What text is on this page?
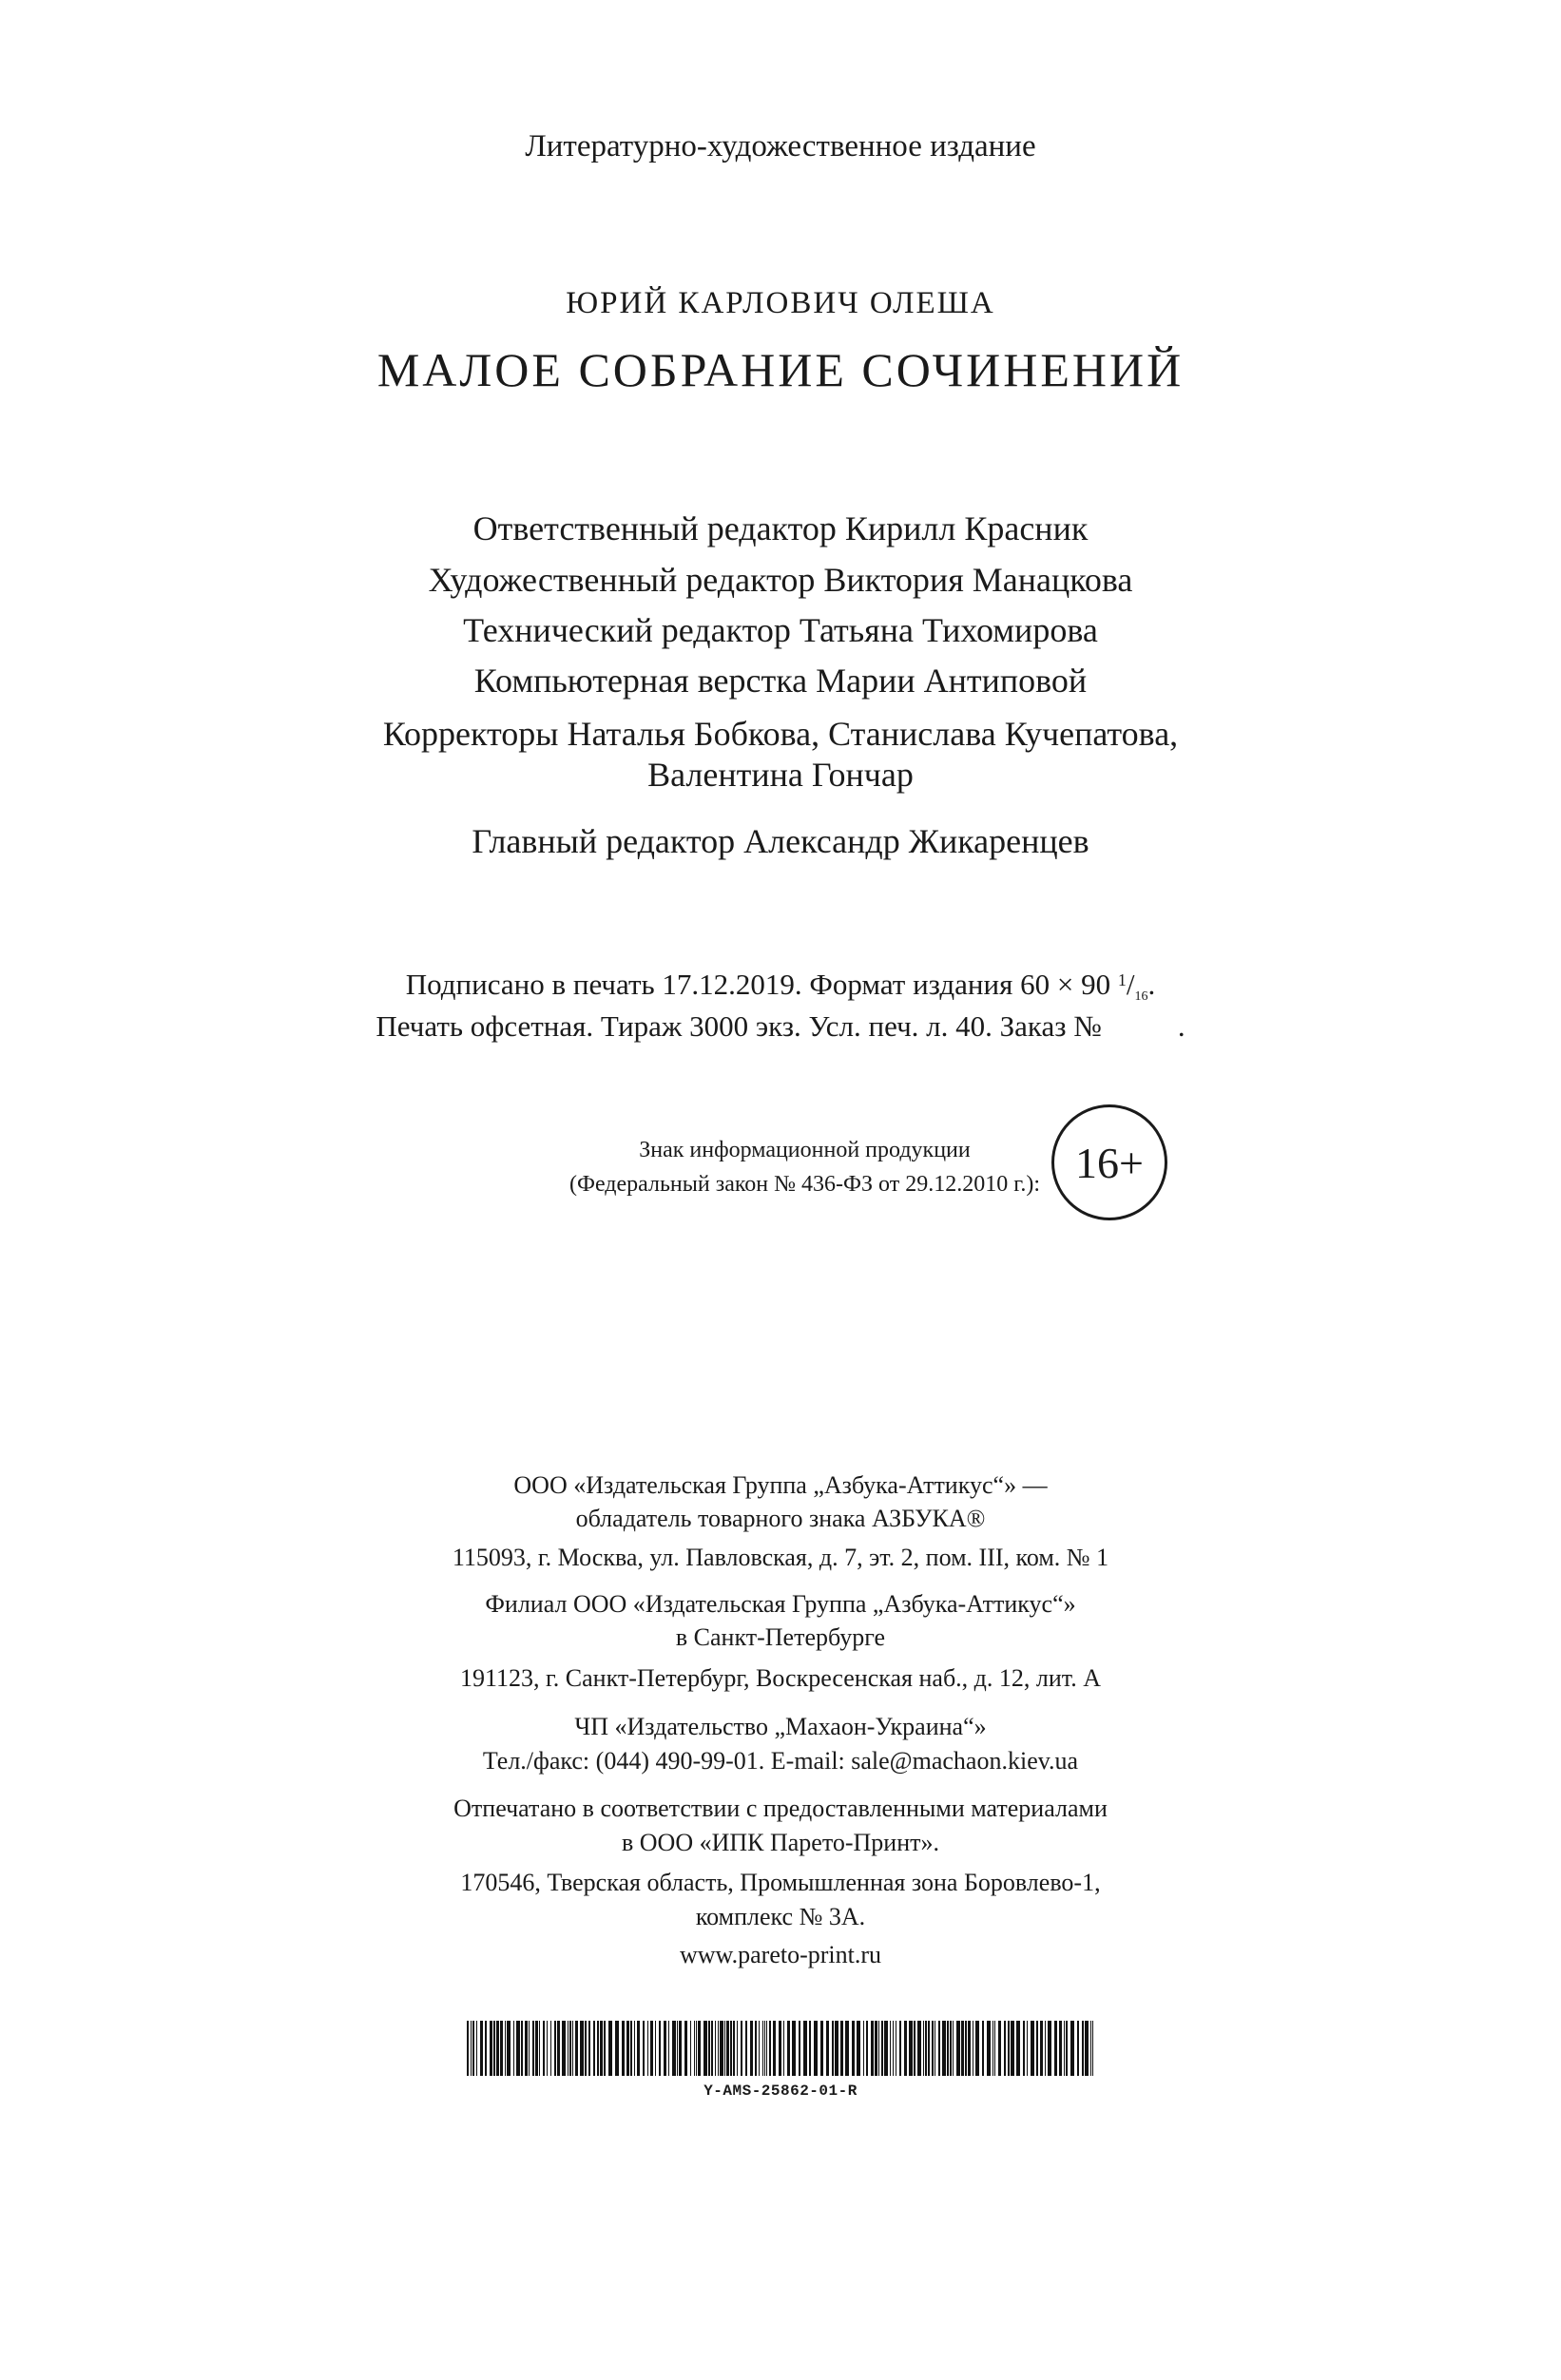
Литературно-художественное издание
ЮРИЙ КАРЛОВИЧ ОЛЕША
МАЛОЕ СОБРАНИЕ СОЧИНЕНИЙ
Ответственный редактор Кирилл Красник
Художественный редактор Виктория Манацкова
Технический редактор Татьяна Тихомирова
Компьютерная верстка Марии Антиповой
Корректоры Наталья Бобкова, Станислава Кучепатова,
Валентина Гончар
Главный редактор Александр Жикаренцев
Подписано в печать 17.12.2019. Формат издания 60 × 90 $^1/_{16}$.
Печать офсетная. Тираж 3000 экз. Усл. печ. л. 40. Заказ №	.
Знак информационной продукции
(Федеральный закон № 436-ФЗ от 29.12.2010 г.): 16+
ООО «Издательская Группа „Азбука-Аттикус“» —
обладатель товарного знака АЗБУКА®
115093, г. Москва, ул. Павловская, д. 7, эт. 2, пом. III, ком. № 1
Филиал ООО «Издательская Группа „Азбука-Аттикус“»
в Санкт-Петербурге
191123, г. Санкт-Петербург, Воскресенская наб., д. 12, лит. А
ЧП «Издательство „Махаон-Украина“»
Тел./факс: (044) 490-99-01. E-mail: sale@machaon.kiev.ua
Отпечатано в соответствии с предоставленными материалами
в ООО «ИПК Парето-Принт».
170546, Тверская область, Промышленная зона Боровлево-1,
комплекс № 3А.
www.pareto-print.ru
Y-AMS-25862-01-R
